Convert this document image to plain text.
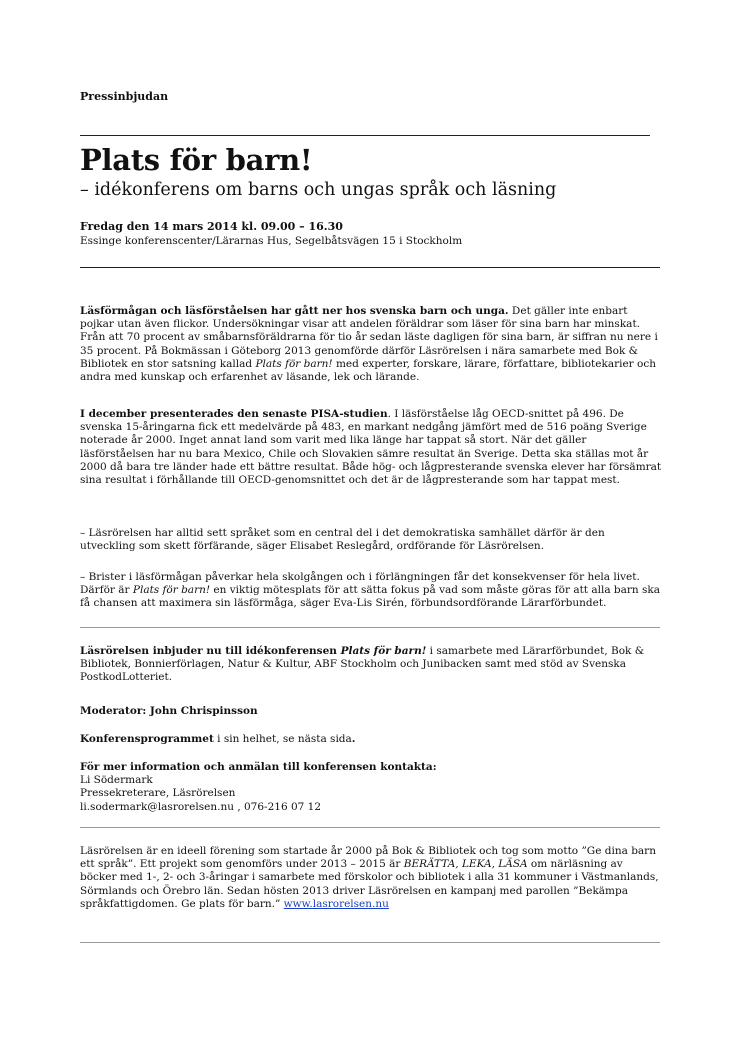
Pressinbjudan
Plats för barn!
– idékonferens om barns och ungas språk och läsning
Fredag den 14 mars 2014 kl. 09.00 – 16.30
Essinge konferenscenter/Lärarnas Hus, Segelbåtsvägen 15 i Stockholm

Läsförmågan och läsförståelsen har gått ner hos svenska barn och unga. Det gäller inte enbart pojkar utan även flickor. Undersökningar visar att andelen föräldrar som läser för sina barn har minskat. Från att 70 procent av småbarnsföräldrarna för tio år sedan läste dagligen för sina barn, är siffran nu nere i 35 procent. På Bokmässan i Göteborg 2013 genomförde därför Läsrörelsen i nära samarbete med Bok & Bibliotek en stor satsning kallad Plats för barn! med experter, forskare, lärare, författare, bibliotekarier och andra med kunskap och erfarenhet av läsande, lek och lärande.

I december presenterades den senaste PISA-studien. I läsförståelse låg OECD-snittet på 496. De svenska 15-åringarna fick ett medelvärde på 483, en markant nedgång jämfört med de 516 poäng Sverige noterade år 2000. Inget annat land som varit med lika länge har tappat så stort. När det gäller läsförståelsen har nu bara Mexico, Chile och Slovakien sämre resultat än Sverige. Detta ska ställas mot år 2000 då bara tre länder hade ett bättre resultat. Både hög- och lågpresterande svenska elever har försämrat sina resultat i förhållande till OECD-genomsnittet och det är de lågpresterande som har tappat mest.

– Läsrörelsen har alltid sett språket som en central del i det demokratiska samhället därför är den utveckling som skett förfärande, säger Elisabet Reslegård, ordförande för Läsrörelsen.

– Brister i läsförmågan påverkar hela skolgången och i förlängningen får det konsekvenser för hela livet. Därför är Plats för barn! en viktig mötesplats för att sätta fokus på vad som måste göras för att alla barn ska få chansen att maximera sin läsförmåga, säger Eva-Lis Sirén, förbundsordförande Lärarförbundet.

Läsrörelsen inbjuder nu till idékonferensen Plats för barn! i samarbete med Lärarförbundet, Bok & Bibliotek, Bonnierförlagen, Natur & Kultur, ABF Stockholm och Junibacken samt med stöd av Svenska PostkodLotteriet.

Moderator: John Chrispinsson

Konferensprogrammet i sin helhet, se nästa sida.

För mer information och anmälan till konferensen kontakta:

Li Södermark

Pressekreterare, Läsrörelsen

li.sodermark@lasrorelsen.nu , 076-216 07 12

Läsrörelsen är en ideell förening som startade år 2000 på Bok & Bibliotek och tog som motto ”Ge dina barn ett språk”. Ett projekt som genomförs under 2013 – 2015 är BERÄTTA, LEKA, LÄSA om närläsning av böcker med 1-, 2- och 3-åringar i samarbete med förskolor och bibliotek i alla 31 kommuner i Västmanlands, Sörmlands och Örebro län. Sedan hösten 2013 driver Läsrörelsen en kampanj med parollen ”Bekämpa språkfattigdomen. Ge plats för barn.” www.lasrorelsen.nu
